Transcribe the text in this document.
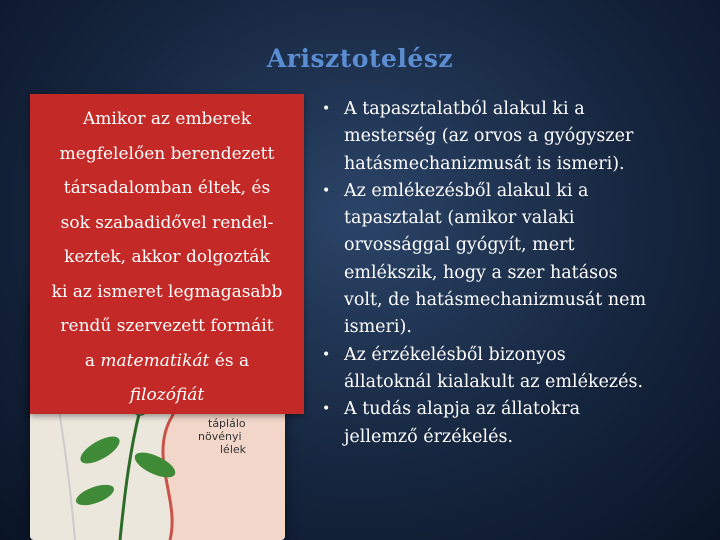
Arisztotelész
táplálo
növényi
lélek
Amikor az emberek
megfelelően berendezett
társadalomban éltek, és
sok szabadidővel rendel-
keztek, akkor dolgozták
ki az ismeret legmagasabb
rendű szervezett formáit
a matematikát és a
filozófiát
• A tapasztalatból alakul ki a
mesterség (az orvos a gyógyszer
hatásmechanizmusát is ismeri).
• Az emlékezésből alakul ki a
tapasztalat (amikor valaki
orvossággal gyógyít, mert
emlékszik, hogy a szer hatásos
volt, de hatásmechanizmusát nem
ismeri).
• Az érzékelésből bizonyos
állatoknál kialakult az emlékezés.
• A tudás alapja az állatokra
jellemző érzékelés.
